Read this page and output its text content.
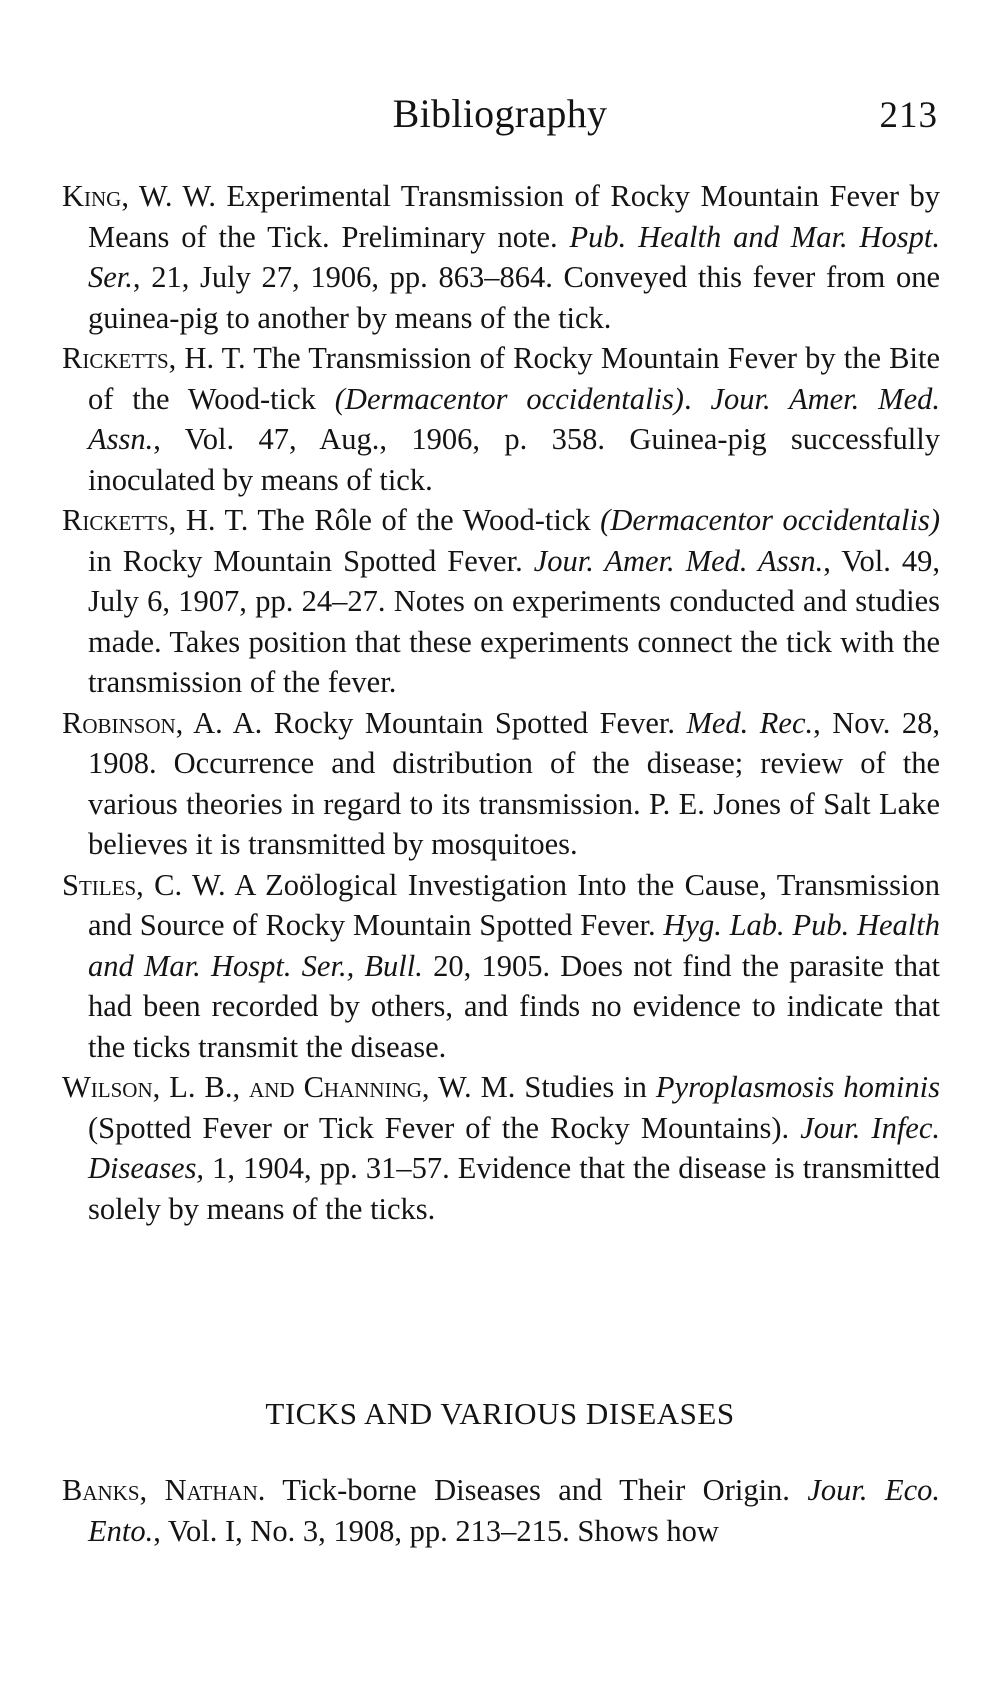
Bibliography	213

King, W. W. Experimental Transmission of Rocky Mountain Fever by Means of the Tick. Preliminary note. Pub. Health and Mar. Hospt. Ser., 21, July 27, 1906, pp. 863–864. Conveyed this fever from one guinea-pig to another by means of the tick.

Ricketts, H. T. The Transmission of Rocky Mountain Fever by the Bite of the Wood-tick (Dermacentor occidentalis). Jour. Amer. Med. Assn., Vol. 47, Aug., 1906, p. 358. Guinea-pig successfully inoculated by means of tick.

Ricketts, H. T. The Rôle of the Wood-tick (Dermacentor occidentalis) in Rocky Mountain Spotted Fever. Jour. Amer. Med. Assn., Vol. 49, July 6, 1907, pp. 24–27. Notes on experiments conducted and studies made. Takes position that these experiments connect the tick with the transmission of the fever.

Robinson, A. A. Rocky Mountain Spotted Fever. Med. Rec., Nov. 28, 1908. Occurrence and distribution of the disease; review of the various theories in regard to its transmission. P. E. Jones of Salt Lake believes it is transmitted by mosquitoes.

Stiles, C. W. A Zoölogical Investigation Into the Cause, Transmission and Source of Rocky Mountain Spotted Fever. Hyg. Lab. Pub. Health and Mar. Hospt. Ser., Bull. 20, 1905. Does not find the parasite that had been recorded by others, and finds no evidence to indicate that the ticks transmit the disease.

Wilson, L. B., and Channing, W. M. Studies in Pyroplasmosis hominis (Spotted Fever or Tick Fever of the Rocky Mountains). Jour. Infec. Diseases, 1, 1904, pp. 31–57. Evidence that the disease is transmitted solely by means of the ticks.

TICKS AND VARIOUS DISEASES

Banks, Nathan. Tick-borne Diseases and Their Origin. Jour. Eco. Ento., Vol. I, No. 3, 1908, pp. 213–215. Shows how
